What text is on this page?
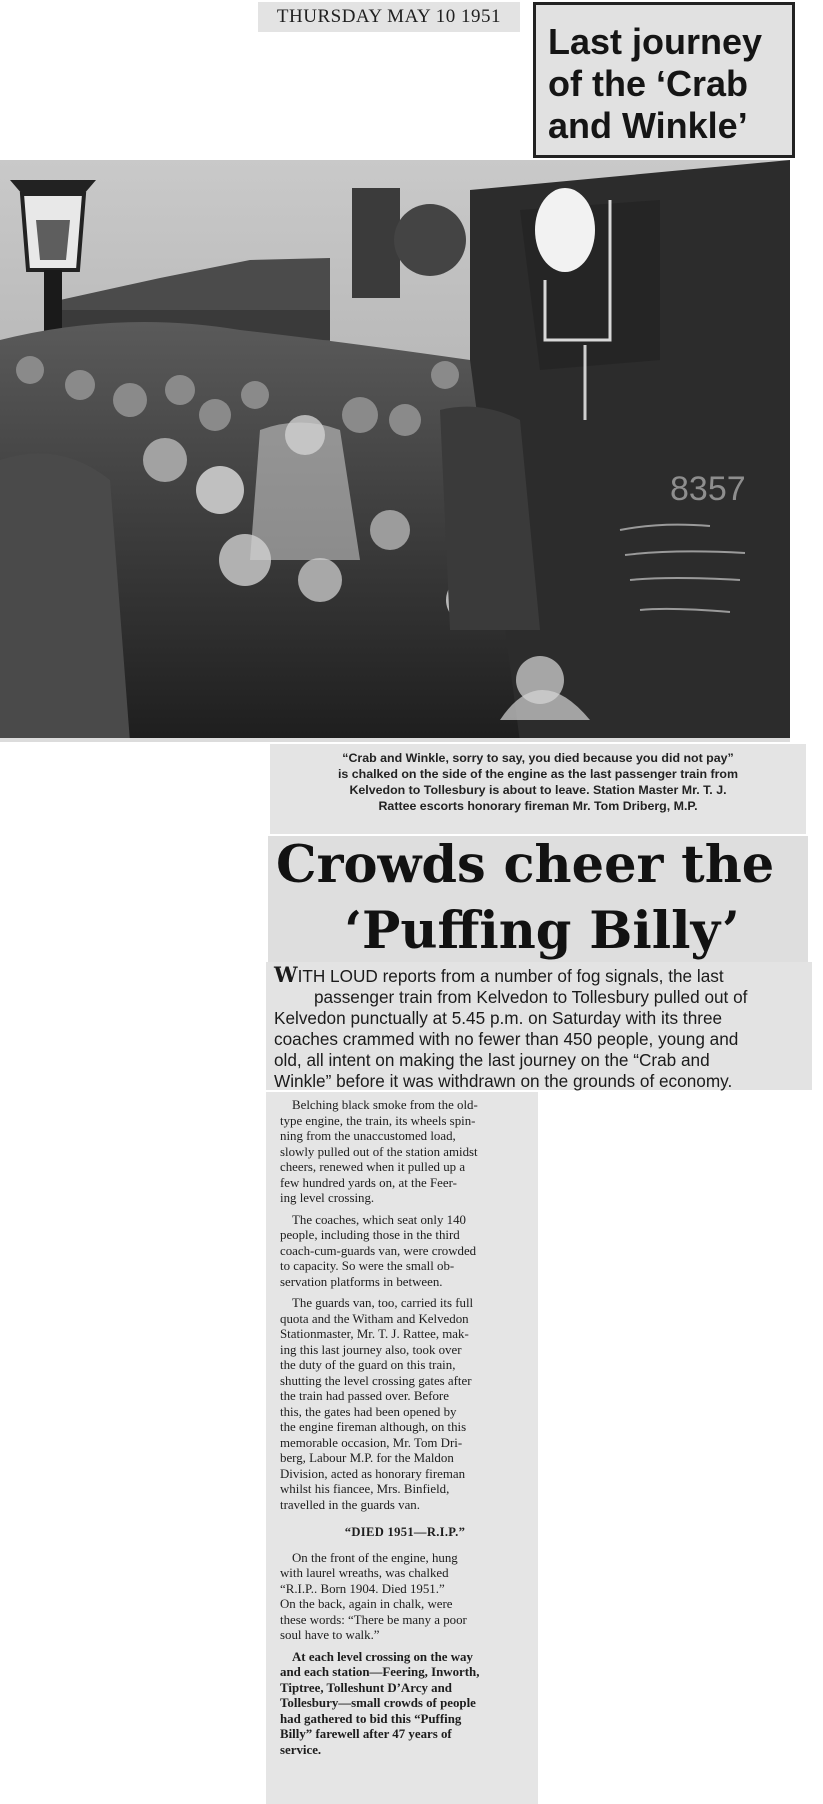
THURSDAY MAY 10 1951
Last journey
of the ‘Crab
and Winkle’
8357
“Crab and Winkle, sorry to say, you died because you did not pay”
is chalked on the side of the engine as the last passenger train from
Kelvedon to Tollesbury is about to leave. Station Master Mr. T. J.
Rattee escorts honorary fireman Mr. Tom Driberg, M.P.
Crowds cheer the
‘Puffing Billy’
WITH LOUD reports from a number of fog signals, the last
passenger train from Kelvedon to Tollesbury pulled out of
Kelvedon punctually at 5.45 p.m. on Saturday with its three
coaches crammed with no fewer than 450 people, young and
old, all intent on making the last journey on the “Crab and
Winkle” before it was withdrawn on the grounds of economy.
Belching black smoke from the old-
type engine, the train, its wheels spin-
ning from the unaccustomed load,
slowly pulled out of the station amidst
cheers, renewed when it pulled up a
few hundred yards on, at the Feer-
ing level crossing.
The coaches, which seat only 140
people, including those in the third
coach-cum-guards van, were crowded
to capacity. So were the small ob-
servation platforms in between.
The guards van, too, carried its full
quota and the Witham and Kelvedon
Stationmaster, Mr. T. J. Rattee, mak-
ing this last journey also, took over
the duty of the guard on this train,
shutting the level crossing gates after
the train had passed over. Before
this, the gates had been opened by
the engine fireman although, on this
memorable occasion, Mr. Tom Dri-
berg, Labour M.P. for the Maldon
Division, acted as honorary fireman
whilst his fiancee, Mrs. Binfield,
travelled in the guards van.
“DIED 1951—R.I.P.”
On the front of the engine, hung
with laurel wreaths, was chalked
“R.I.P.. Born 1904. Died 1951.”
On the back, again in chalk, were
these words: “There be many a poor
soul have to walk.”
At each level crossing on the way
and each station—Feering, Inworth,
Tiptree, Tolleshunt D’Arcy and
Tollesbury—small crowds of people
had gathered to bid this “Puffing
Billy” farewell after 47 years of
service.
